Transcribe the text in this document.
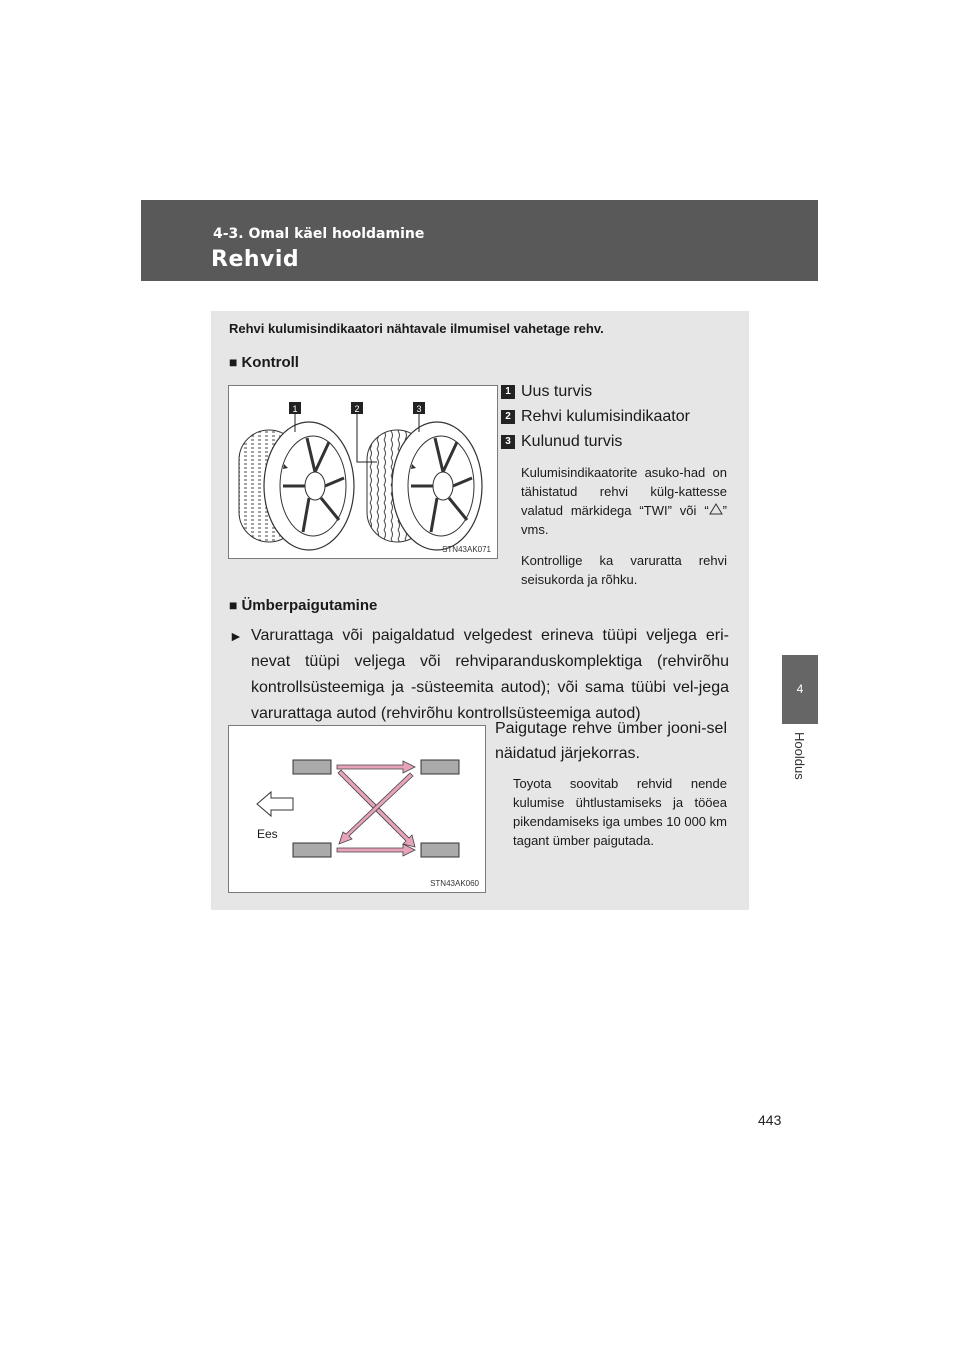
4-3. Omal käel hooldamine
Rehvid
4
Hooldus
Rehvi kulumisindikaatori nähtavale ilmumisel vahetage rehv.
■ Kontroll
1	2	3
STN43AK071
1 Uus turvis
2 Rehvi kulumisindikaator
3 Kulunud turvis
Kulumisindikaatorite asuko-had on tähistatud rehvi külg-kattesse valatud märkidega “TWI” või “ ” vms.
Kontrollige ka varuratta rehvi seisukorda ja rõhku.
■ Ümberpaigutamine
► Varurattaga või paigaldatud velgedest erineva tüüpi veljega eri-nevat tüüpi veljega või rehviparanduskomplektiga (rehvirõhu kontrollsüsteemiga ja -süsteemita autod); või sama tüübi vel-jega varurattaga autod (rehvirõhu kontrollsüsteemiga autod)
Ees
STN43AK060
Paigutage rehve ümber jooni-sel näidatud järjekorras.
Toyota soovitab rehvid nende kulumise ühtlustamiseks ja tööea pikendamiseks iga umbes 10 000 km tagant ümber paigutada.
443
